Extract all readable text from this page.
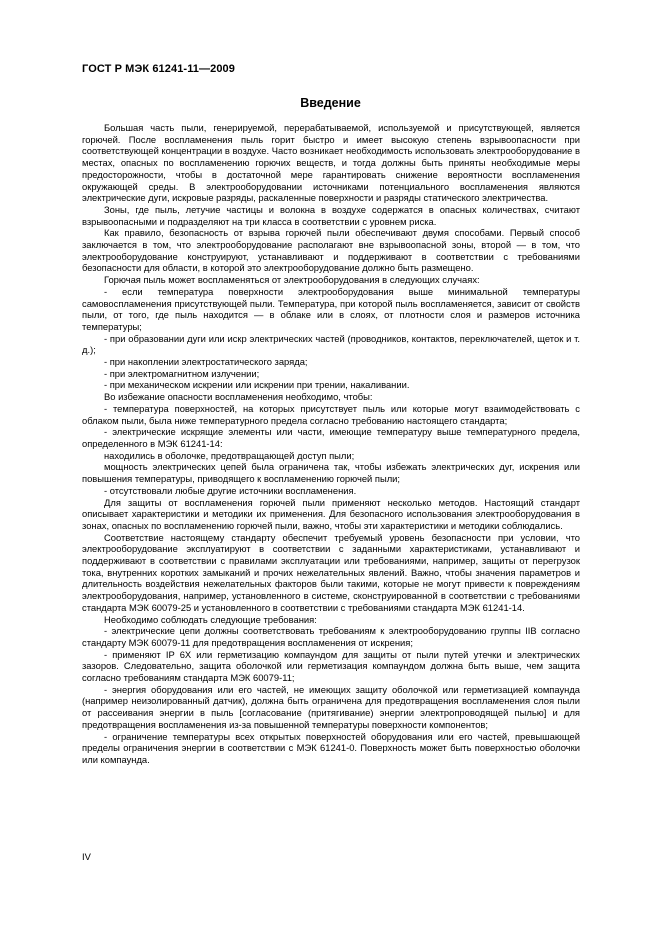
ГОСТ Р МЭК 61241-11—2009
Введение

Большая часть пыли, генерируемой, перерабатываемой, используемой и присутствующей, является горючей. После воспламенения пыль горит быстро и имеет высокую степень взрывоопасности при соответствующей концентрации в воздухе. Часто возникает необходимость использовать электрооборудование в местах, опасных по воспламенению горючих веществ, и тогда должны быть приняты необходимые меры предосторожности, чтобы в достаточной мере гарантировать снижение вероятности воспламенения окружающей среды. В электрооборудовании источниками потенциального воспламенения являются электрические дуги, искровые разряды, раскаленные поверхности и разряды статического электричества.

Зоны, где пыль, летучие частицы и волокна в воздухе содержатся в опасных количествах, считают взрывоопасными и подразделяют на три класса в соответствии с уровнем риска.

Как правило, безопасность от взрыва горючей пыли обеспечивают двумя способами. Первый способ заключается в том, что электрооборудование располагают вне взрывоопасной зоны, второй — в том, что электрооборудование конструируют, устанавливают и поддерживают в соответствии с требованиями безопасности для области, в которой это электрооборудование должно быть размещено.

Горючая пыль может воспламеняться от электрооборудования в следующих случаях:

- если температура поверхности электрооборудования выше минимальной температуры самовоспламенения присутствующей пыли. Температура, при которой пыль воспламеняется, зависит от свойств пыли, от того, где пыль находится — в облаке или в слоях, от плотности слоя и размеров источника температуры;

- при образовании дуги или искр электрических частей (проводников, контактов, переключателей, щеток и т. д.);

- при накоплении электростатического заряда;

- при электромагнитном излучении;

- при механическом искрении или искрении при трении, накаливании.

Во избежание опасности воспламенения необходимо, чтобы:

- температура поверхностей, на которых присутствует пыль или которые могут взаимодействовать с облаком пыли, была ниже температурного предела согласно требованию настоящего стандарта;

- электрические искрящие элементы или части, имеющие температуру выше температурного предела, определенного в МЭК 61241-14:

находились в оболочке, предотвращающей доступ пыли;

мощность электрических цепей была ограничена так, чтобы избежать электрических дуг, искрения или повышения температуры, приводящего к воспламенению горючей пыли;

- отсутствовали любые другие источники воспламенения.

Для защиты от воспламенения горючей пыли применяют несколько методов. Настоящий стандарт описывает характеристики и методики их применения. Для безопасного использования электрооборудования в зонах, опасных по воспламенению горючей пыли, важно, чтобы эти характеристики и методики соблюдались.

Соответствие настоящему стандарту обеспечит требуемый уровень безопасности при условии, что электрооборудование эксплуатируют в соответствии с заданными характеристиками, устанавливают и поддерживают в соответствии с правилами эксплуатации или требованиями, например, защиты от перегрузок тока, внутренних коротких замыканий и прочих нежелательных явлений. Важно, чтобы значения параметров и длительность воздействия нежелательных факторов были такими, которые не могут привести к повреждениям электрооборудования, например, установленного в системе, сконструированной в соответствии с требованиями стандарта МЭК 60079-25 и установленного в соответствии с требованиями стандарта МЭК 61241-14.

Необходимо соблюдать следующие требования:

- электрические цепи должны соответствовать требованиям к электрооборудованию группы IIB согласно стандарту МЭК 60079-11 для предотвращения воспламенения от искрения;

- применяют IP 6X или герметизацию компаундом для защиты от пыли путей утечки и электрических зазоров. Следовательно, защита оболочкой или герметизация компаундом должна быть выше, чем защита согласно требованиям стандарта МЭК 60079-11;

- энергия оборудования или его частей, не имеющих защиту оболочкой или герметизацией компаунда (например неизолированный датчик), должна быть ограничена для предотвращения воспламенения слоя пыли от рассеивания энергии в пыль [согласование (притягивание) энергии электропроводящей пылью] и для предотвращения воспламенения из-за повышенной температуры поверхности компонентов;

- ограничение температуры всех открытых поверхностей оборудования или его частей, превышающей пределы ограничения энергии в соответствии с МЭК 61241-0. Поверхность может быть поверхностью оболочки или компаунда.

IV
